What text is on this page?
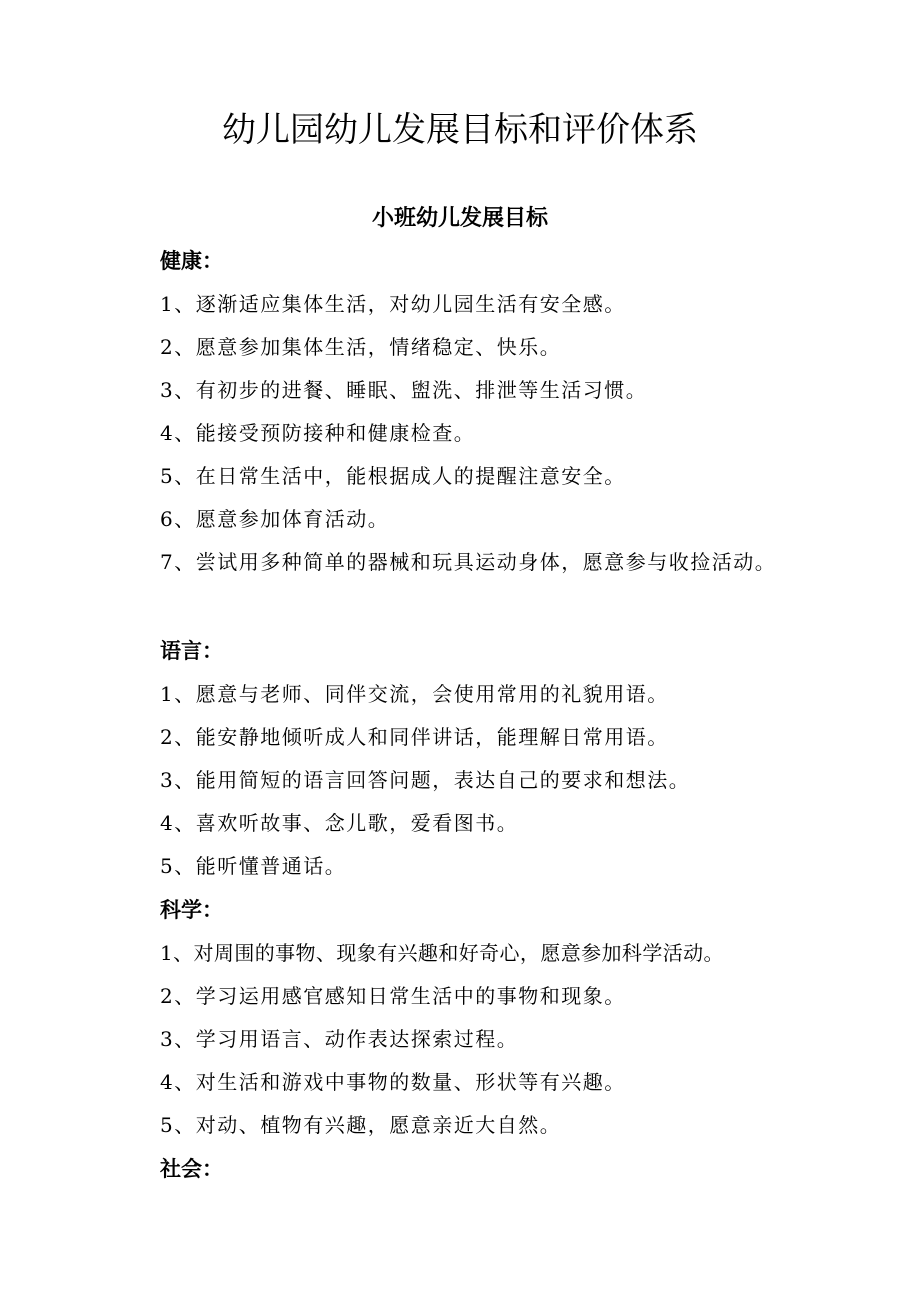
幼儿园幼儿发展目标和评价体系
小班幼儿发展目标

健康：

1、逐渐适应集体生活，对幼儿园生活有安全感。

2、愿意参加集体生活，情绪稳定、快乐。

3、有初步的进餐、睡眠、盥洗、排泄等生活习惯。

4、能接受预防接种和健康检查。

5、在日常生活中，能根据成人的提醒注意安全。

6、愿意参加体育活动。

7、尝试用多种简单的器械和玩具运动身体，愿意参与收捡活动。

语言：

1、愿意与老师、同伴交流，会使用常用的礼貌用语。

2、能安静地倾听成人和同伴讲话，能理解日常用语。

3、能用简短的语言回答问题，表达自己的要求和想法。

4、喜欢听故事、念儿歌，爱看图书。

5、能听懂普通话。

科学：

1、对周围的事物、现象有兴趣和好奇心，愿意参加科学活动。

2、学习运用感官感知日常生活中的事物和现象。

3、学习用语言、动作表达探索过程。

4、对生活和游戏中事物的数量、形状等有兴趣。

5、对动、植物有兴趣，愿意亲近大自然。

社会：
